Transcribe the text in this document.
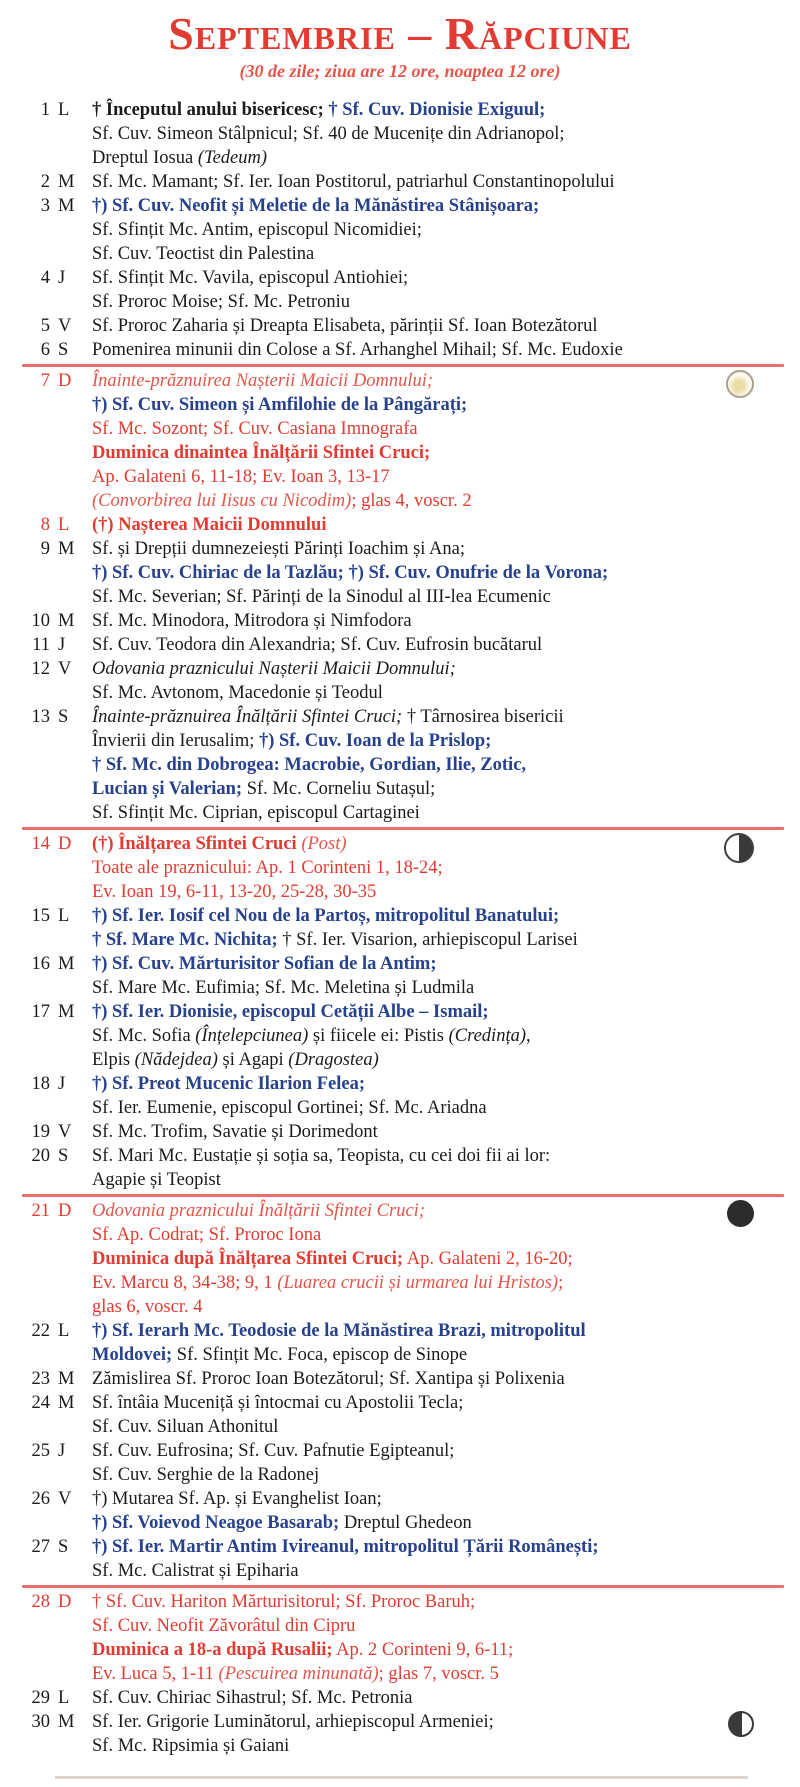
Septembrie – Răpciune
(30 de zile; ziua are 12 ore, noaptea 12 ore)
1 L	† Începutul anului bisericesc; † Sf. Cuv. Dionisie Exiguul;
Sf. Cuv. Simeon Stâlpnicul; Sf. 40 de Mucenițe din Adrianopol;
Dreptul Iosua (Tedeum)
2 M Sf. Mc. Mamant; Sf. Ier. Ioan Postitorul, patriarhul Constantinopolului
3 M †) Sf. Cuv. Neofit și Meletie de la Mănăstirea Stânișoara;
Sf. Sfințit Mc. Antim, episcopul Nicomidiei;
Sf. Cuv. Teoctist din Palestina
4 J	Sf. Sfințit Mc. Vavila, episcopul Antiohiei;
Sf. Proroc Moise; Sf. Mc. Petroniu
5 V	Sf. Proroc Zaharia și Dreapta Elisabeta, părinții Sf. Ioan Botezătorul
6 S	Pomenirea minunii din Colose a Sf. Arhanghel Mihail; Sf. Mc. Eudoxie
7 D	Înainte-prăznuirea Nașterii Maicii Domnului;
†) Sf. Cuv. Simeon și Amfilohie de la Pângărați;
Sf. Mc. Sozont; Sf. Cuv. Casiana Imnografa
Duminica dinaintea Înălțării Sfintei Cruci;
Ap. Galateni 6, 11-18; Ev. Ioan 3, 13-17
(Convorbirea lui Iisus cu Nicodim); glas 4, voscr. 2
8 L	(†) Nașterea Maicii Domnului
9 M Sf. și Drepții dumnezeiești Părinți Ioachim și Ana;
†) Sf. Cuv. Chiriac de la Tazlău; †) Sf. Cuv. Onufrie de la Vorona;
Sf. Mc. Severian; Sf. Părinți de la Sinodul al III-lea Ecumenic
10 M Sf. Mc. Minodora, Mitrodora și Nimfodora
11 J	Sf. Cuv. Teodora din Alexandria; Sf. Cuv. Eufrosin bucătarul
12 V	Odovania praznicului Nașterii Maicii Domnului;
Sf. Mc. Avtonom, Macedonie și Teodul
13 S	Înainte-prăznuirea Înălțării Sfintei Cruci; † Târnosirea bisericii
Învierii din Ierusalim; †) Sf. Cuv. Ioan de la Prislop;
† Sf. Mc. din Dobrogea: Macrobie, Gordian, Ilie, Zotic,
Lucian și Valerian; Sf. Mc. Corneliu Sutașul;
Sf. Sfințit Mc. Ciprian, episcopul Cartaginei
14 D	(†) Înălțarea Sfintei Cruci (Post)
Toate ale praznicului: Ap. 1 Corinteni 1, 18-24;
Ev. Ioan 19, 6-11, 13-20, 25-28, 30-35
15 L	†) Sf. Ier. Iosif cel Nou de la Partoș, mitropolitul Banatului;
† Sf. Mare Mc. Nichita; † Sf. Ier. Visarion, arhiepiscopul Larisei
16 M †) Sf. Cuv. Mărturisitor Sofian de la Antim;
Sf. Mare Mc. Eufimia; Sf. Mc. Meletina și Ludmila
17 M †) Sf. Ier. Dionisie, episcopul Cetății Albe – Ismail;
Sf. Mc. Sofia (Înțelepciunea) și fiicele ei: Pistis (Credința),
Elpis (Nădejdea) și Agapi (Dragostea)
18 J	†) Sf. Preot Mucenic Ilarion Felea;
Sf. Ier. Eumenie, episcopul Gortinei; Sf. Mc. Ariadna
19 V	Sf. Mc. Trofim, Savatie și Dorimedont
20 S	Sf. Mari Mc. Eustație și soția sa, Teopista, cu cei doi fii ai lor:
Agapie și Teopist
21 D	Odovania praznicului Înălțării Sfintei Cruci;
Sf. Ap. Codrat; Sf. Proroc Iona
Duminica după Înălțarea Sfintei Cruci; Ap. Galateni 2, 16-20;
Ev. Marcu 8, 34-38; 9, 1 (Luarea crucii și urmarea lui Hristos);
glas 6, voscr. 4
22 L	†) Sf. Ierarh Mc. Teodosie de la Mănăstirea Brazi, mitropolitul
Moldovei; Sf. Sfințit Mc. Foca, episcop de Sinope
23 M Zămislirea Sf. Proroc Ioan Botezătorul; Sf. Xantipa și Polixenia
24 M Sf. întâia Muceniță și întocmai cu Apostolii Tecla;
Sf. Cuv. Siluan Athonitul
25 J	Sf. Cuv. Eufrosina; Sf. Cuv. Pafnutie Egipteanul;
Sf. Cuv. Serghie de la Radonej
26 V	†) Mutarea Sf. Ap. și Evanghelist Ioan;
†) Sf. Voievod Neagoe Basarab; Dreptul Ghedeon
27 S	†) Sf. Ier. Martir Antim Ivireanul, mitropolitul Țării Românești;
Sf. Mc. Calistrat și Epiharia
28 D	† Sf. Cuv. Hariton Mărturisitorul; Sf. Proroc Baruh;
Sf. Cuv. Neofit Zăvorâtul din Cipru
Duminica a 18-a după Rusalii; Ap. 2 Corinteni 9, 6-11;
Ev. Luca 5, 1-11 (Pescuirea minunată); glas 7, voscr. 5
29 L	Sf. Cuv. Chiriac Sihastrul; Sf. Mc. Petronia
30 M Sf. Ier. Grigorie Luminătorul, arhiepiscopul Armeniei;
Sf. Mc. Ripsimia și Gaiani
